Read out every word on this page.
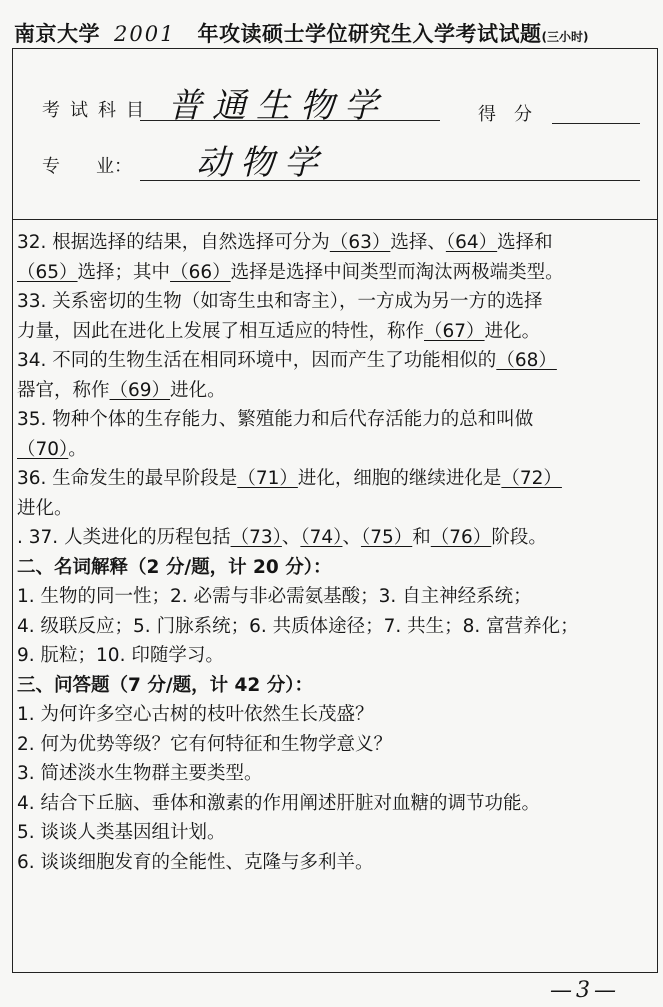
南京大学 2001 年攻读硕士学位研究生入学考试试题(三小时)
考试科目 普通生物学	得　分
专　　业： 动物学
32. 根据选择的结果，自然选择可分为（63）选择、（64）选择和
（65）选择；其中（66）选择是选择中间类型而淘汰两极端类型。
33. 关系密切的生物（如寄生虫和寄主），一方成为另一方的选择
力量，因此在进化上发展了相互适应的特性，称作（67）进化。
34. 不同的生物生活在相同环境中，因而产生了功能相似的（68）
器官，称作（69）进化。
35. 物种个体的生存能力、繁殖能力和后代存活能力的总和叫做
（70）。
36. 生命发生的最早阶段是（71）进化，细胞的继续进化是（72）
进化。
. 37. 人类进化的历程包括（73）、（74）、（75）和（76）阶段。
二、名词解释（2 分/题，计 20 分）：
1. 生物的同一性；2. 必需与非必需氨基酸；3. 自主神经系统；
4. 级联反应；5. 门脉系统；6. 共质体途径；7. 共生；8. 富营养化；
9. 朊粒；10. 印随学习。
三、问答题（7 分/题，计 42 分）：
1. 为何许多空心古树的枝叶依然生长茂盛？
2. 何为优势等级？它有何特征和生物学意义？
3. 简述淡水生物群主要类型。
4. 结合下丘脑、垂体和激素的作用阐述肝脏对血糖的调节功能。
5. 谈谈人类基因组计划。
6. 谈谈细胞发育的全能性、克隆与多利羊。
—3—
